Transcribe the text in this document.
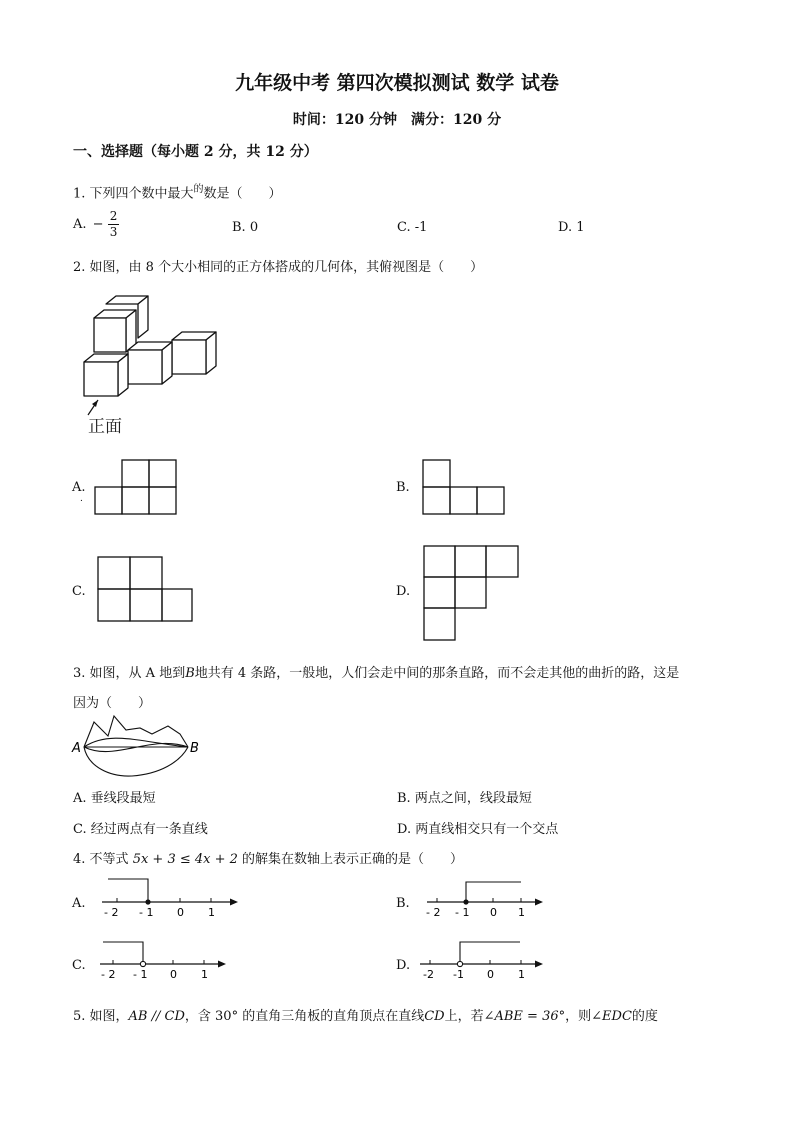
九年级中考 第四次模拟测试 数学 试卷
时间：120 分钟　满分：120 分
一、选择题（每小题 2 分，共 12 分）
1. 下列四个数中最大$^的$数是（　　）
A. − $\frac{2}{3}$	B. 0	C. -1	D. 1
2. 如图，由 8 个大小相同的正方体搭成的几何体，其俯视图是（　　）
正面
A.
.
B.
C.	D.
3. 如图，从 A 地到B地共有 4 条路，一般地，人们会走中间的那条直路，而不会走其他的曲折的路，这是
因为（　　）
A	B
A. 垂线段最短	B. 两点之间，线段最短
C. 经过两点有一条直线	D. 两直线相交只有一个交点
4. 不等式 5x + 3 ≤ 4x + 2 的解集在数轴上表示正确的是（　　）
A.
- 2 - 1 0 1
B.
- 2 - 1 0 1
C.
- 2 - 1 0 1
D.
-2 -1 0 1
5. 如图，AB // CD，含 30° 的直角三角板的直角顶点在直线CD上，若∠ABE = 36°，则∠EDC的度
